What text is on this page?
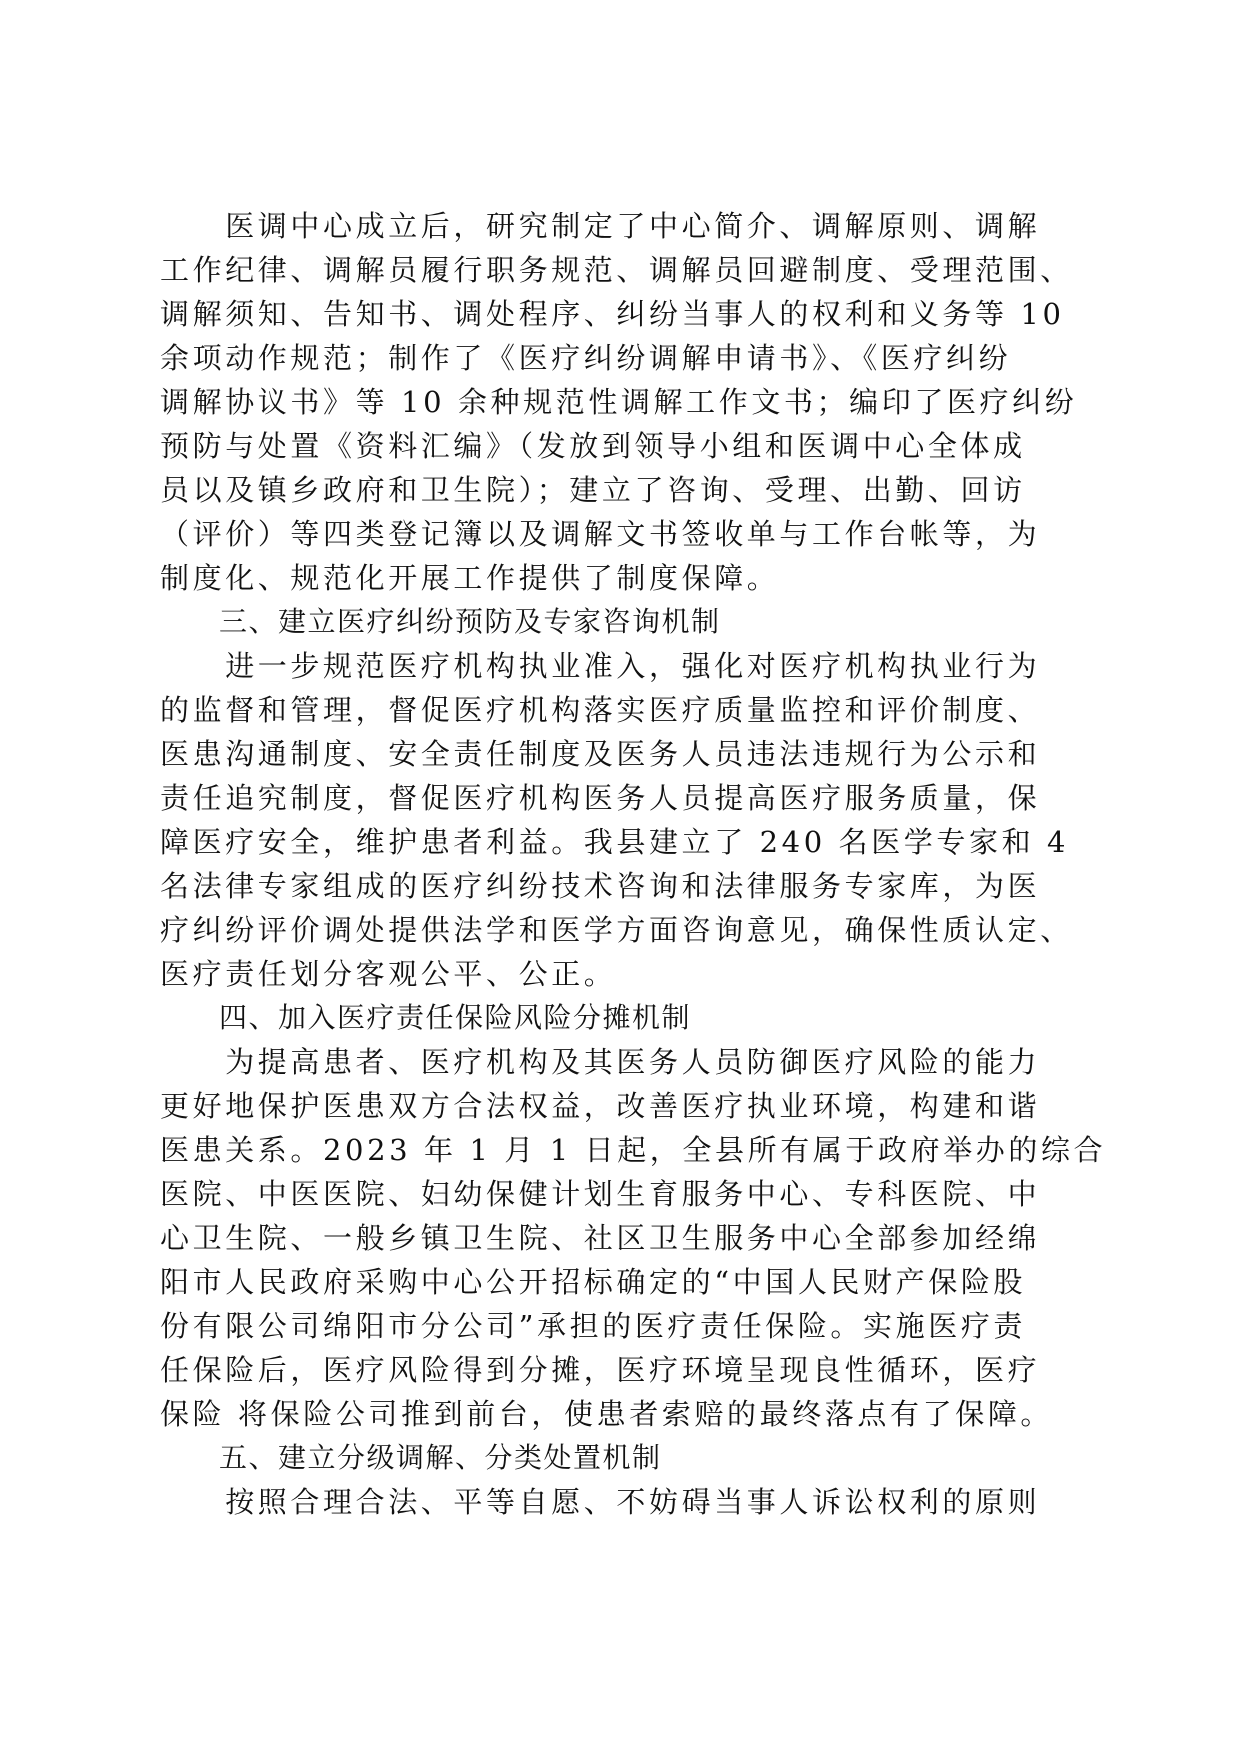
　　医调中心成立后，研究制定了中心简介、调解原则、调解
工作纪律、调解员履行职务规范、调解员回避制度、受理范围、
调解须知、告知书、调处程序、纠纷当事人的权利和义务等 10
余项动作规范；制作了《医疗纠纷调解申请书》、《医疗纠纷
调解协议书》等 10 余种规范性调解工作文书；编印了医疗纠纷
预防与处置《资料汇编》（发放到领导小组和医调中心全体成
员以及镇乡政府和卫生院）；建立了咨询、受理、出勤、回访
（评价）等四类登记簿以及调解文书签收单与工作台帐等，为
制度化、规范化开展工作提供了制度保障。
　　三、建立医疗纠纷预防及专家咨询机制
　　进一步规范医疗机构执业准入，强化对医疗机构执业行为
的监督和管理，督促医疗机构落实医疗质量监控和评价制度、
医患沟通制度、安全责任制度及医务人员违法违规行为公示和
责任追究制度，督促医疗机构医务人员提高医疗服务质量，保
障医疗安全，维护患者利益。我县建立了 240 名医学专家和 4
名法律专家组成的医疗纠纷技术咨询和法律服务专家库，为医
疗纠纷评价调处提供法学和医学方面咨询意见，确保性质认定、
医疗责任划分客观公平、公正。
　　四、加入医疗责任保险风险分摊机制
　　为提高患者、医疗机构及其医务人员防御医疗风险的能力
更好地保护医患双方合法权益，改善医疗执业环境，构建和谐
医患关系。2023 年 1 月 1 日起，全县所有属于政府举办的综合
医院、中医医院、妇幼保健计划生育服务中心、专科医院、中
心卫生院、一般乡镇卫生院、社区卫生服务中心全部参加经绵
阳市人民政府采购中心公开招标确定的“中国人民财产保险股
份有限公司绵阳市分公司”承担的医疗责任保险。实施医疗责
任保险后，医疗风险得到分摊，医疗环境呈现良性循环，医疗
保险 将保险公司推到前台，使患者索赔的最终落点有了保障。
　　五、建立分级调解、分类处置机制
　　按照合理合法、平等自愿、不妨碍当事人诉讼权利的原则
